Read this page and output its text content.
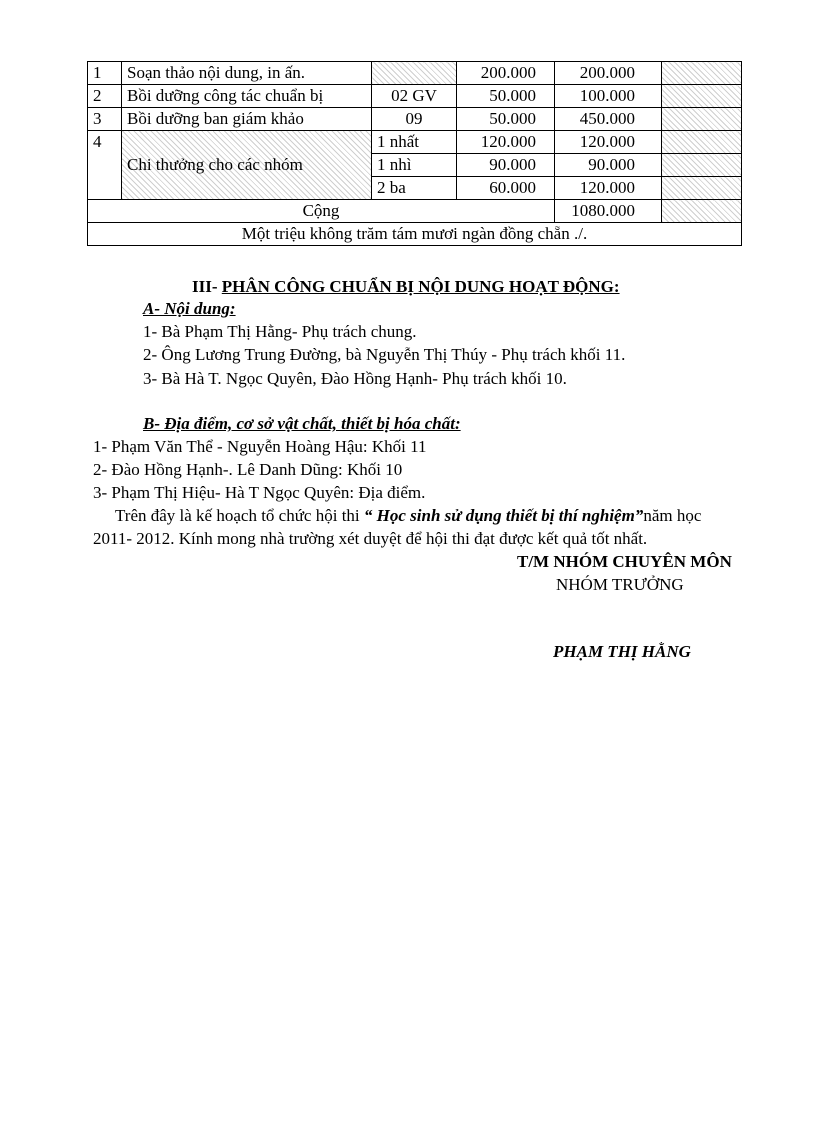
1	Soạn thảo nội dung, in ấn.		200.000	200.000	
2	Bồi dưỡng công tác chuẩn bị	02 GV	50.000	100.000	
3	Bồi dưỡng ban giám khảo	09	50.000	450.000	
4	Chi thưởng cho các nhóm	1 nhất	120.000	120.000	
		1 nhì	90.000	90.000	
		2 ba	60.000	120.000	
Cộng				1080.000	
Một triệu không trăm tám mươi ngàn đồng chẵn ./.					
III- PHÂN CÔNG CHUẨN BỊ NỘI DUNG HOẠT ĐỘNG:
A- Nội dung:
1- Bà Phạm Thị Hằng- Phụ trách chung.
2- Ông Lương Trung Đường, bà Nguyễn Thị Thúy - Phụ trách khối 11.
3- Bà Hà T. Ngọc Quyên, Đào Hồng Hạnh- Phụ trách khối 10.
B- Địa điểm, cơ sở vật chất, thiết bị hóa chất:
1- Phạm Văn Thể - Nguyễn Hoàng Hậu: Khối 11
2- Đào Hồng Hạnh-. Lê Danh Dũng: Khối 10
3- Phạm Thị Hiệu- Hà T Ngọc Quyên: Địa điểm.
Trên đây là kế hoạch tổ chức hội thi “ Học sinh sử dụng thiết bị thí nghiệm”năm học
2011- 2012. Kính mong nhà trường xét duyệt để hội thi đạt được kết quả tốt nhất.
T/M NHÓM CHUYÊN MÔN
NHÓM TRƯỞNG
PHẠM THỊ HẰNG
